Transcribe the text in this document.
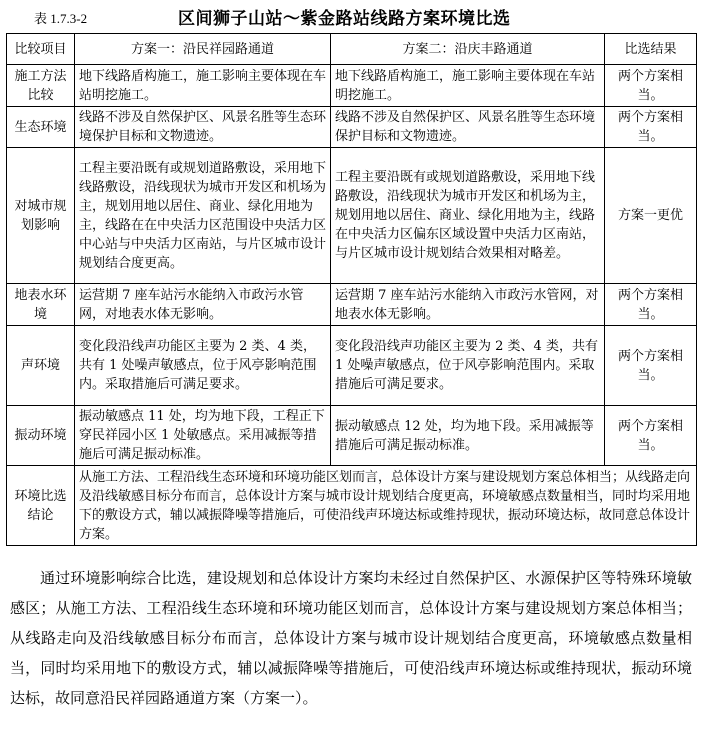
表 1.7.3-2	区间狮子山站～紫金路站线路方案环境比选
比较项目	方案一：沿民祥园路通道	方案二：沿庆丰路通道	比选结果
施工方法比较	地下线路盾构施工，施工影响主要体现在车站明挖施工。	地下线路盾构施工，施工影响主要体现在车站明挖施工。	两个方案相当。
生态环境	线路不涉及自然保护区、风景名胜等生态环境保护目标和文物遗迹。	线路不涉及自然保护区、风景名胜等生态环境保护目标和文物遗迹。	两个方案相当。
对城市规划影响	工程主要沿既有或规划道路敷设，采用地下线路敷设，沿线现状为城市开发区和机场为主，规划用地以居住、商业、绿化用地为主，线路在在中央活力区范围设中央活力区中心站与中央活力区南站，与片区城市设计规划结合度更高。	工程主要沿既有或规划道路敷设，采用地下线路敷设，沿线现状为城市开发区和机场为主，规划用地以居住、商业、绿化用地为主，线路在中央活力区偏东区域设置中央活力区南站，与片区城市设计规划结合效果相对略差。	方案一更优
地表水环境	运营期 7 座车站污水能纳入市政污水管网，对地表水体无影响。	运营期 7 座车站污水能纳入市政污水管网，对地表水体无影响。	两个方案相当。
声环境	变化段沿线声功能区主要为 2 类、4 类，共有 1 处噪声敏感点，位于风亭影响范围内。采取措施后可满足要求。	变化段沿线声功能区主要为 2 类、4 类，共有 1 处噪声敏感点，位于风亭影响范围内。采取措施后可满足要求。	两个方案相当。
振动环境	振动敏感点 11 处，均为地下段，工程正下穿民祥园小区 1 处敏感点。采用减振等措施后可满足振动标准。	振动敏感点 12 处，均为地下段。采用减振等措施后可满足振动标准。	两个方案相当。
环境比选结论	从施工方法、工程沿线生态环境和环境功能区划而言，总体设计方案与建设规划方案总体相当；从线路走向及沿线敏感目标分布而言，总体设计方案与城市设计规划结合度更高，环境敏感点数量相当，同时均采用地下的敷设方式，辅以减振降噪等措施后，可使沿线声环境达标或维持现状，振动环境达标，故同意总体设计方案。		
通过环境影响综合比选，建设规划和总体设计方案均未经过自然保护区、水源保护区等特殊环境敏感区；从施工方法、工程沿线生态环境和环境功能区划而言，总体设计方案与建设规划方案总体相当；从线路走向及沿线敏感目标分布而言，总体设计方案与城市设计规划结合度更高，环境敏感点数量相当，同时均采用地下的敷设方式，辅以减振降噪等措施后，可使沿线声环境达标或维持现状，振动环境达标，故同意沿民祥园路通道方案（方案一）。
